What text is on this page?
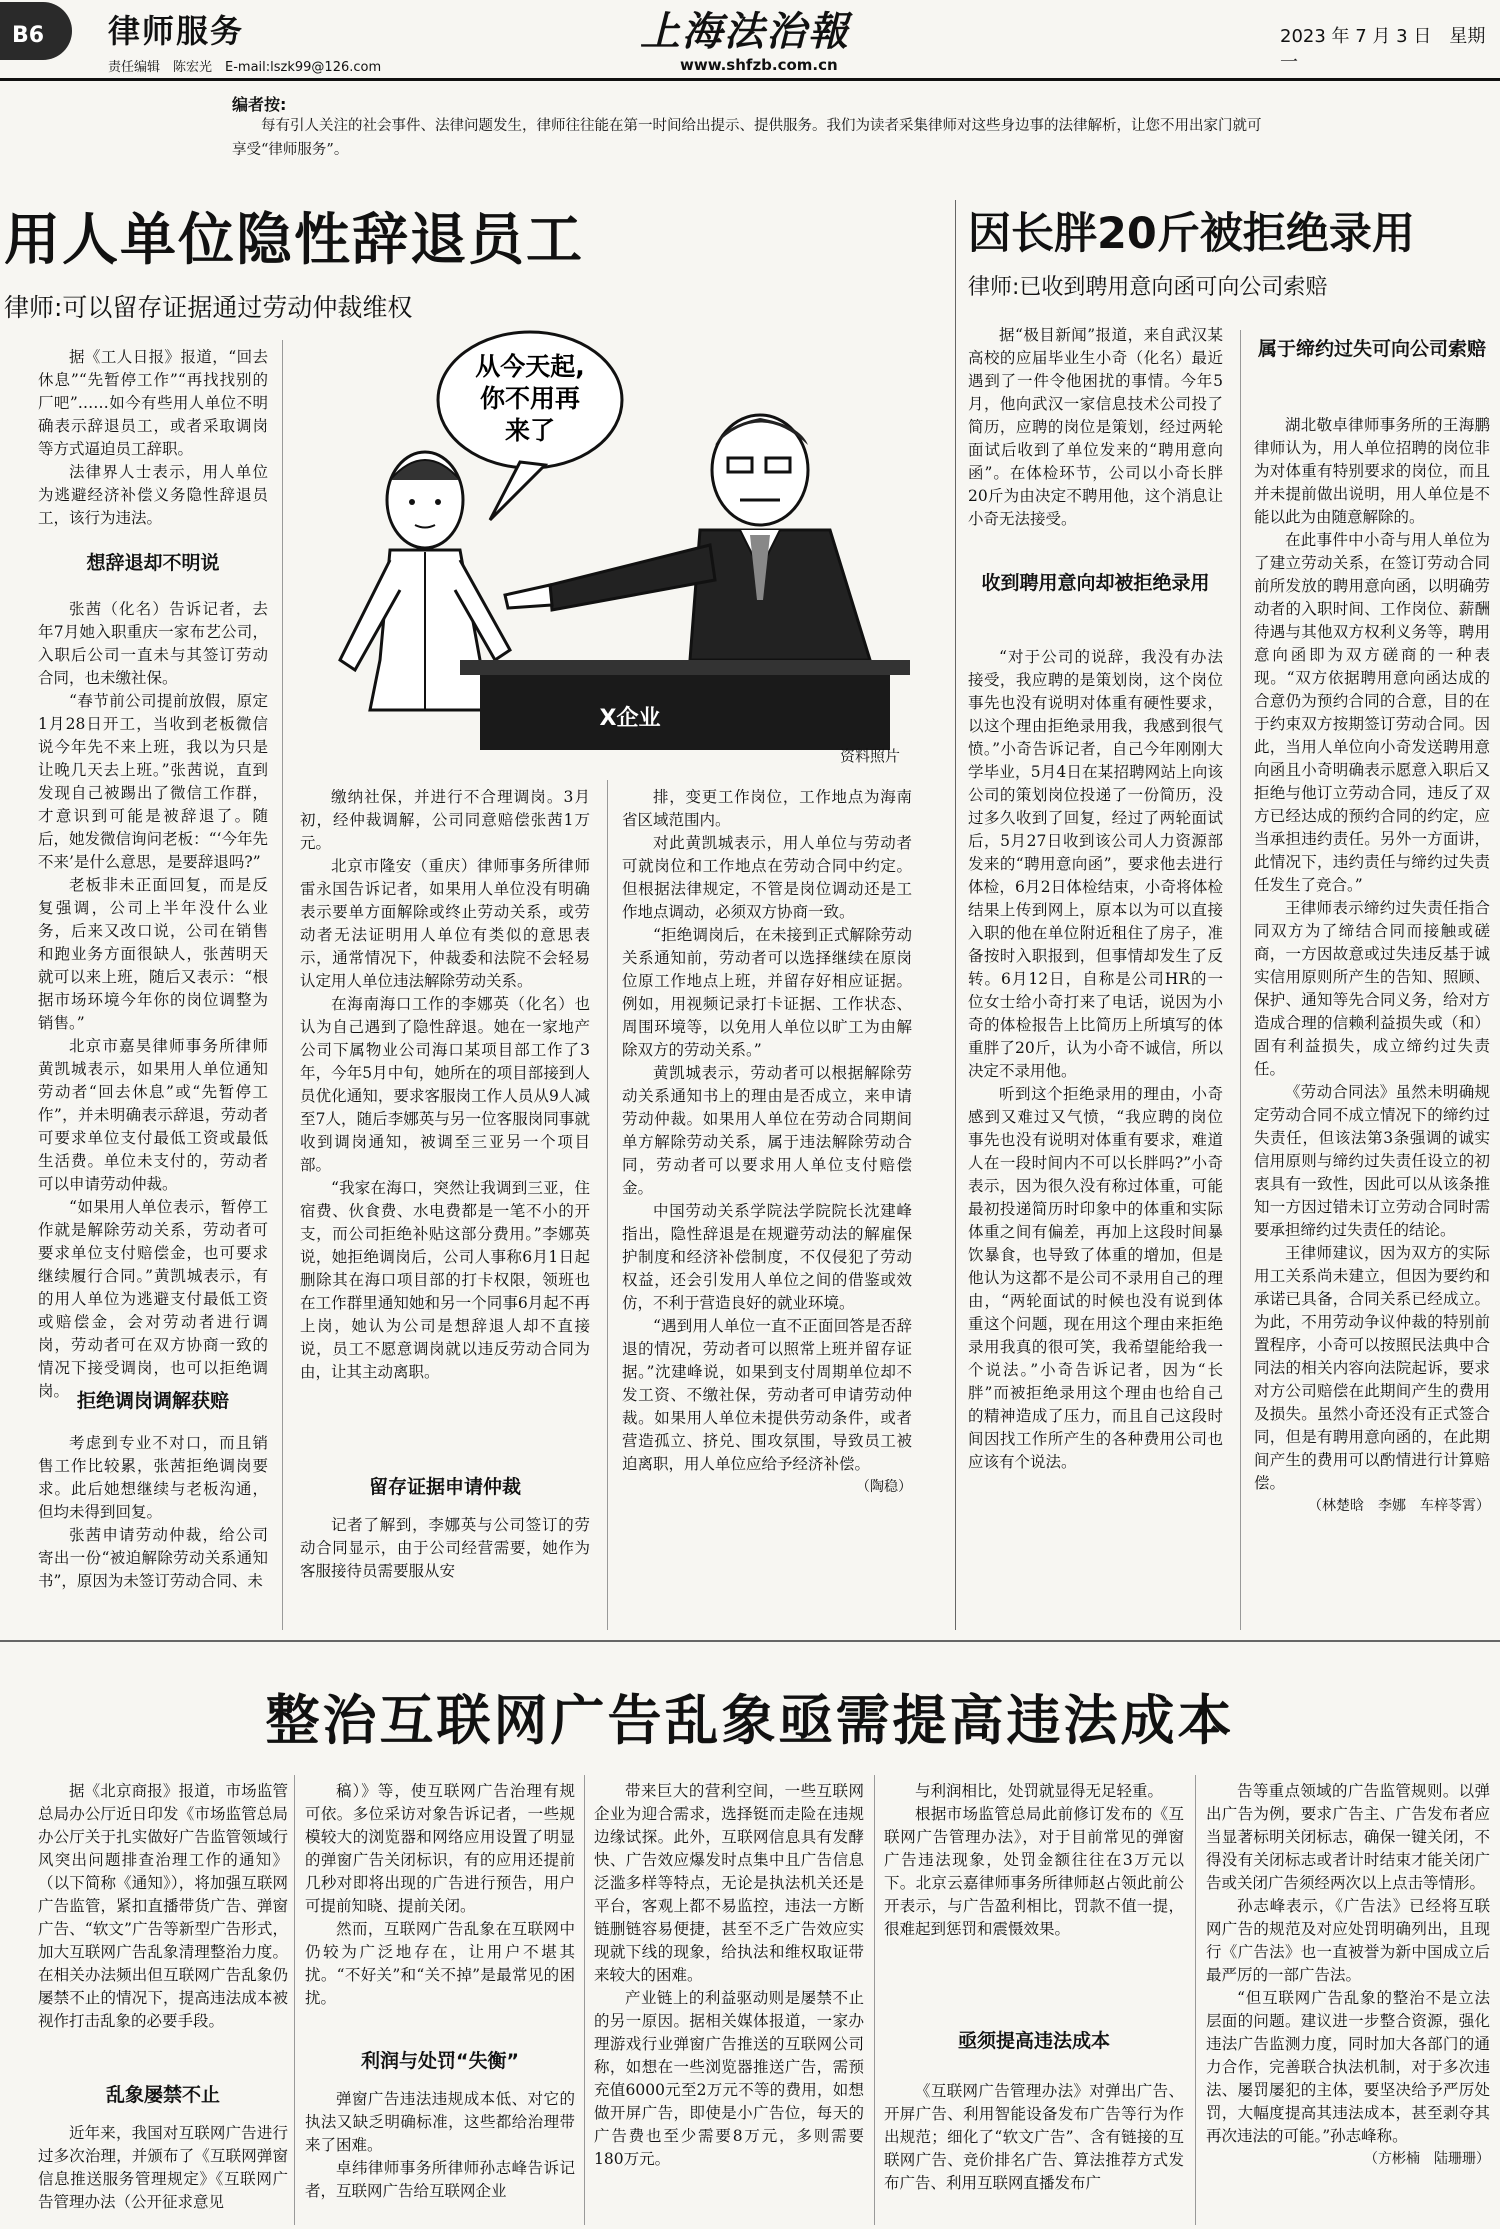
B6	律师服务
责任编辑　陈宏光　E-mail:lszk99@126.com
上海法治報
www.shfzb.com.cn
2023 年 7 月 3 日　星期一
编者按:
每有引人关注的社会事件、法律问题发生，律师往往能在第一时间给出提示、提供服务。我们为读者采集律师对这些身边事的法律解析，让您不用出家门就可享受“律师服务”。
用人单位隐性辞退员工
律师:可以留存证据通过劳动仲裁维权
因长胖20斤被拒绝录用
律师:已收到聘用意向函可向公司索赔
从今天起,
你不用再
来了
X企业
资料照片

据《工人日报》报道，“回去休息”“先暂停工作”“再找找别的厂吧”……如今有些用人单位不明确表示辞退员工，或者采取调岗等方式逼迫员工辞职。

法律界人士表示，用人单位为逃避经济补偿义务隐性辞退员工，该行为违法。

想辞退却不明说

张茜（化名）告诉记者，去年7月她入职重庆一家布艺公司，入职后公司一直未与其签订劳动合同，也未缴社保。

“春节前公司提前放假，原定1月28日开工，当收到老板微信说今年先不来上班，我以为只是让晚几天去上班。”张茜说，直到发现自己被踢出了微信工作群，才意识到可能是被辞退了。随后，她发微信询问老板：“‘今年先不来’是什么意思，是要辞退吗?”

老板非未正面回复，而是反复强调，公司上半年没什么业务，后来又改口说，公司在销售和跑业务方面很缺人，张茜明天就可以来上班，随后又表示：“根据市场环境今年你的岗位调整为销售。”

北京市嘉昊律师事务所律师黄凯城表示，如果用人单位通知劳动者“回去休息”或“先暂停工作”，并未明确表示辞退，劳动者可要求单位支付最低工资或最低生活费。单位未支付的，劳动者可以申请劳动仲裁。

“如果用人单位表示，暂停工作就是解除劳动关系，劳动者可要求单位支付赔偿金，也可要求继续履行合同。”黄凯城表示，有的用人单位为逃避支付最低工资或赔偿金，会对劳动者进行调岗，劳动者可在双方协商一致的情况下接受调岗，也可以拒绝调岗。 拒绝调岗调解获赔

考虑到专业不对口，而且销售工作比较累，张茜拒绝调岗要求。此后她想继续与老板沟通，但均未得到回复。

张茜申请劳动仲裁，给公司寄出一份“被迫解除劳动关系通知书”，原因为未签订劳动合同、未

缴纳社保，并进行不合理调岗。3月初，经仲裁调解，公司同意赔偿张茜1万元。

北京市隆安（重庆）律师事务所律师雷永国告诉记者，如果用人单位没有明确表示要单方面解除或终止劳动关系，或劳动者无法证明用人单位有类似的意思表示，通常情况下，仲裁委和法院不会轻易认定用人单位违法解除劳动关系。

在海南海口工作的李娜英（化名）也认为自己遇到了隐性辞退。她在一家地产公司下属物业公司海口某项目部工作了3年，今年5月中旬，她所在的项目部接到人员优化通知，要求客服岗工作人员从9人减至7人，随后李娜英与另一位客服岗同事就收到调岗通知，被调至三亚另一个项目部。

“我家在海口，突然让我调到三亚，住宿费、伙食费、水电费都是一笔不小的开支，而公司拒绝补贴这部分费用。”李娜英说，她拒绝调岗后，公司人事称6月1日起删除其在海口项目部的打卡权限，领班也在工作群里通知她和另一个同事6月起不再上岗，她认为公司是想辞退人却不直接说，员工不愿意调岗就以违反劳动合同为由，让其主动离职。

留存证据申请仲裁

记者了解到，李娜英与公司签订的劳动合同显示，由于公司经营需要，她作为客服接待员需要服从安

排，变更工作岗位，工作地点为海南省区域范围内。

对此黄凯城表示，用人单位与劳动者可就岗位和工作地点在劳动合同中约定。但根据法律规定，不管是岗位调动还是工作地点调动，必须双方协商一致。

“拒绝调岗后，在未接到正式解除劳动关系通知前，劳动者可以选择继续在原岗位原工作地点上班，并留存好相应证据。例如，用视频记录打卡证据、工作状态、周围环境等，以免用人单位以旷工为由解除双方的劳动关系。”

黄凯城表示，劳动者可以根据解除劳动关系通知书上的理由是否成立，来申请劳动仲裁。如果用人单位在劳动合同期间单方解除劳动关系，属于违法解除劳动合同，劳动者可以要求用人单位支付赔偿金。

中国劳动关系学院法学院院长沈建峰指出，隐性辞退是在规避劳动法的解雇保护制度和经济补偿制度，不仅侵犯了劳动权益，还会引发用人单位之间的借鉴或效仿，不利于营造良好的就业环境。

“遇到用人单位一直不正面回答是否辞退的情况，劳动者可以照常上班并留存证据。”沈建峰说，如果到支付周期单位却不发工资、不缴社保，劳动者可申请劳动仲裁。如果用人单位未提供劳动条件，或者营造孤立、挤兑、围攻氛围，导致员工被迫离职，用人单位应给予经济补偿。

（陶稳）

据“极目新闻”报道，来自武汉某高校的应届毕业生小奇（化名）最近遇到了一件令他困扰的事情。今年5月，他向武汉一家信息技术公司投了简历，应聘的岗位是策划，经过两轮面试后收到了单位发来的“聘用意向函”。在体检环节，公司以小奇长胖20斤为由决定不聘用他，这个消息让小奇无法接受。

收到聘用意向却被拒绝录用

“对于公司的说辞，我没有办法接受，我应聘的是策划岗，这个岗位事先也没有说明对体重有硬性要求，以这个理由拒绝录用我，我感到很气愤。”小奇告诉记者，自己今年刚刚大学毕业，5月4日在某招聘网站上向该公司的策划岗位投递了一份简历，没过多久收到了回复，经过了两轮面试后，5月27日收到该公司人力资源部发来的“聘用意向函”，要求他去进行体检，6月2日体检结束，小奇将体检结果上传到网上，原本以为可以直接入职的他在单位附近租住了房子，准备按时入职报到，但事情却发生了反转。6月12日，自称是公司HR的一位女士给小奇打来了电话，说因为小奇的体检报告上比简历上所填写的体重胖了20斤，认为小奇不诚信，所以决定不录用他。

听到这个拒绝录用的理由，小奇感到又难过又气愤，“我应聘的岗位事先也没有说明对体重有要求，难道人在一段时间内不可以长胖吗?”小奇表示，因为很久没有称过体重，可能最初投递简历时印象中的体重和实际体重之间有偏差，再加上这段时间暴饮暴食，也导致了体重的增加，但是他认为这都不是公司不录用自己的理由，“两轮面试的时候也没有说到体重这个问题，现在用这个理由来拒绝录用我真的很可笑，我希望能给我一个说法。”小奇告诉记者，因为“长胖”而被拒绝录用这个理由也给自己的精神造成了压力，而且自己这段时间因找工作所产生的各种费用公司也应该有个说法。

属于缔约过失可向公司索赔

湖北敬卓律师事务所的王海鹏律师认为，用人单位招聘的岗位非为对体重有特别要求的岗位，而且并未提前做出说明，用人单位是不能以此为由随意解除的。

在此事件中小奇与用人单位为了建立劳动关系，在签订劳动合同前所发放的聘用意向函，以明确劳动者的入职时间、工作岗位、薪酬待遇与其他双方权利义务等，聘用意向函即为双方磋商的一种表现。“双方依据聘用意向函达成的合意仍为预约合同的合意，目的在于约束双方按期签订劳动合同。因此，当用人单位向小奇发送聘用意向函且小奇明确表示愿意入职后又拒绝与他订立劳动合同，违反了双方已经达成的预约合同的约定，应当承担违约责任。另外一方面讲，此情况下，违约责任与缔约过失责任发生了竞合。”

王律师表示缔约过失责任指合同双方为了缔结合同而接触或磋商，一方因故意或过失违反基于诚实信用原则所产生的告知、照顾、保护、通知等先合同义务，给对方造成合理的信赖利益损失或（和）固有利益损失，成立缔约过失责任。

《劳动合同法》虽然未明确规定劳动合同不成立情况下的缔约过失责任，但该法第3条强调的诚实信用原则与缔约过失责任设立的初衷具有一致性，因此可以从该条推知一方因过错未订立劳动合同时需要承担缔约过失责任的结论。

王律师建议，因为双方的实际用工关系尚未建立，但因为要约和承诺已具备，合同关系已经成立。为此，不用劳动争议仲裁的特别前置程序，小奇可以按照民法典中合同法的相关内容向法院起诉，要求对方公司赔偿在此期间产生的费用及损失。虽然小奇还没有正式签合同，但是有聘用意向函的，在此期间产生的费用可以酌情进行计算赔偿。

（林楚晗　李娜　车梓苓霄）

整治互联网广告乱象亟需提高违法成本

据《北京商报》报道，市场监管总局办公厅近日印发《市场监管总局办公厅关于扎实做好广告监管领域行风突出问题排查治理工作的通知》（以下简称《通知》），将加强互联网广告监管，紧扣直播带货广告、弹窗广告、“软文”广告等新型广告形式，加大互联网广告乱象清理整治力度。在相关办法频出但互联网广告乱象仍屡禁不止的情况下，提高违法成本被视作打击乱象的必要手段。

乱象屡禁不止

近年来，我国对互联网广告进行过多次治理，并颁布了《互联网弹窗信息推送服务管理规定》《互联网广告管理办法（公开征求意见

稿）》等，使互联网广告治理有规可依。多位采访对象告诉记者，一些规模较大的浏览器和网络应用设置了明显的弹窗广告关闭标识，有的应用还提前几秒对即将出现的广告进行预告，用户可提前知晓、提前关闭。

然而，互联网广告乱象在互联网中仍较为广泛地存在，让用户不堪其扰。“不好关”和“关不掉”是最常见的困扰。

利润与处罚“失衡”

弹窗广告违法违规成本低、对它的执法又缺乏明确标准，这些都给治理带来了困难。

卓纬律师事务所律师孙志峰告诉记者，互联网广告给互联网企业

带来巨大的营利空间，一些互联网企业为迎合需求，选择铤而走险在违规边缘试探。此外，互联网信息具有发酵快、广告效应爆发时点集中且广告信息泛滥多样等特点，无论是执法机关还是平台，客观上都不易监控，违法一方断链删链容易便捷，甚至不乏广告效应实现就下线的现象，给执法和维权取证带来较大的困难。

产业链上的利益驱动则是屡禁不止的另一原因。据相关媒体报道，一家办理游戏行业弹窗广告推送的互联网公司称，如想在一些浏览器推送广告，需预充值6000元至2万元不等的费用，如想做开屏广告，即使是小广告位，每天的广告费也至少需要8万元，多则需要180万元。

与利润相比，处罚就显得无足轻重。

根据市场监管总局此前修订发布的《互联网广告管理办法》，对于目前常见的弹窗广告违法现象，处罚金额往往在3万元以下。北京云嘉律师事务所律师赵占领此前公开表示，与广告盈利相比，罚款不值一提，很难起到惩罚和震慑效果。

亟须提高违法成本

《互联网广告管理办法》对弹出广告、开屏广告、利用智能设备发布广告等行为作出规范；细化了“软文广告”、含有链接的互联网广告、竞价排名广告、算法推荐方式发布广告、利用互联网直播发布广

告等重点领域的广告监管规则。以弹出广告为例，要求广告主、广告发布者应当显著标明关闭标志，确保一键关闭，不得没有关闭标志或者计时结束才能关闭广告或关闭广告须经两次以上点击等情形。

孙志峰表示，《广告法》已经将互联网广告的规范及对应处罚明确列出，且现行《广告法》也一直被誉为新中国成立后最严厉的一部广告法。

“但互联网广告乱象的整治不是立法层面的问题。建议进一步整合资源，强化违法广告监测力度，同时加大各部门的通力合作，完善联合执法机制，对于多次违法、屡罚屡犯的主体，要坚决给予严厉处罚，大幅度提高其违法成本，甚至剥夺其再次违法的可能。”孙志峰称。

（方彬楠　陆珊珊）
